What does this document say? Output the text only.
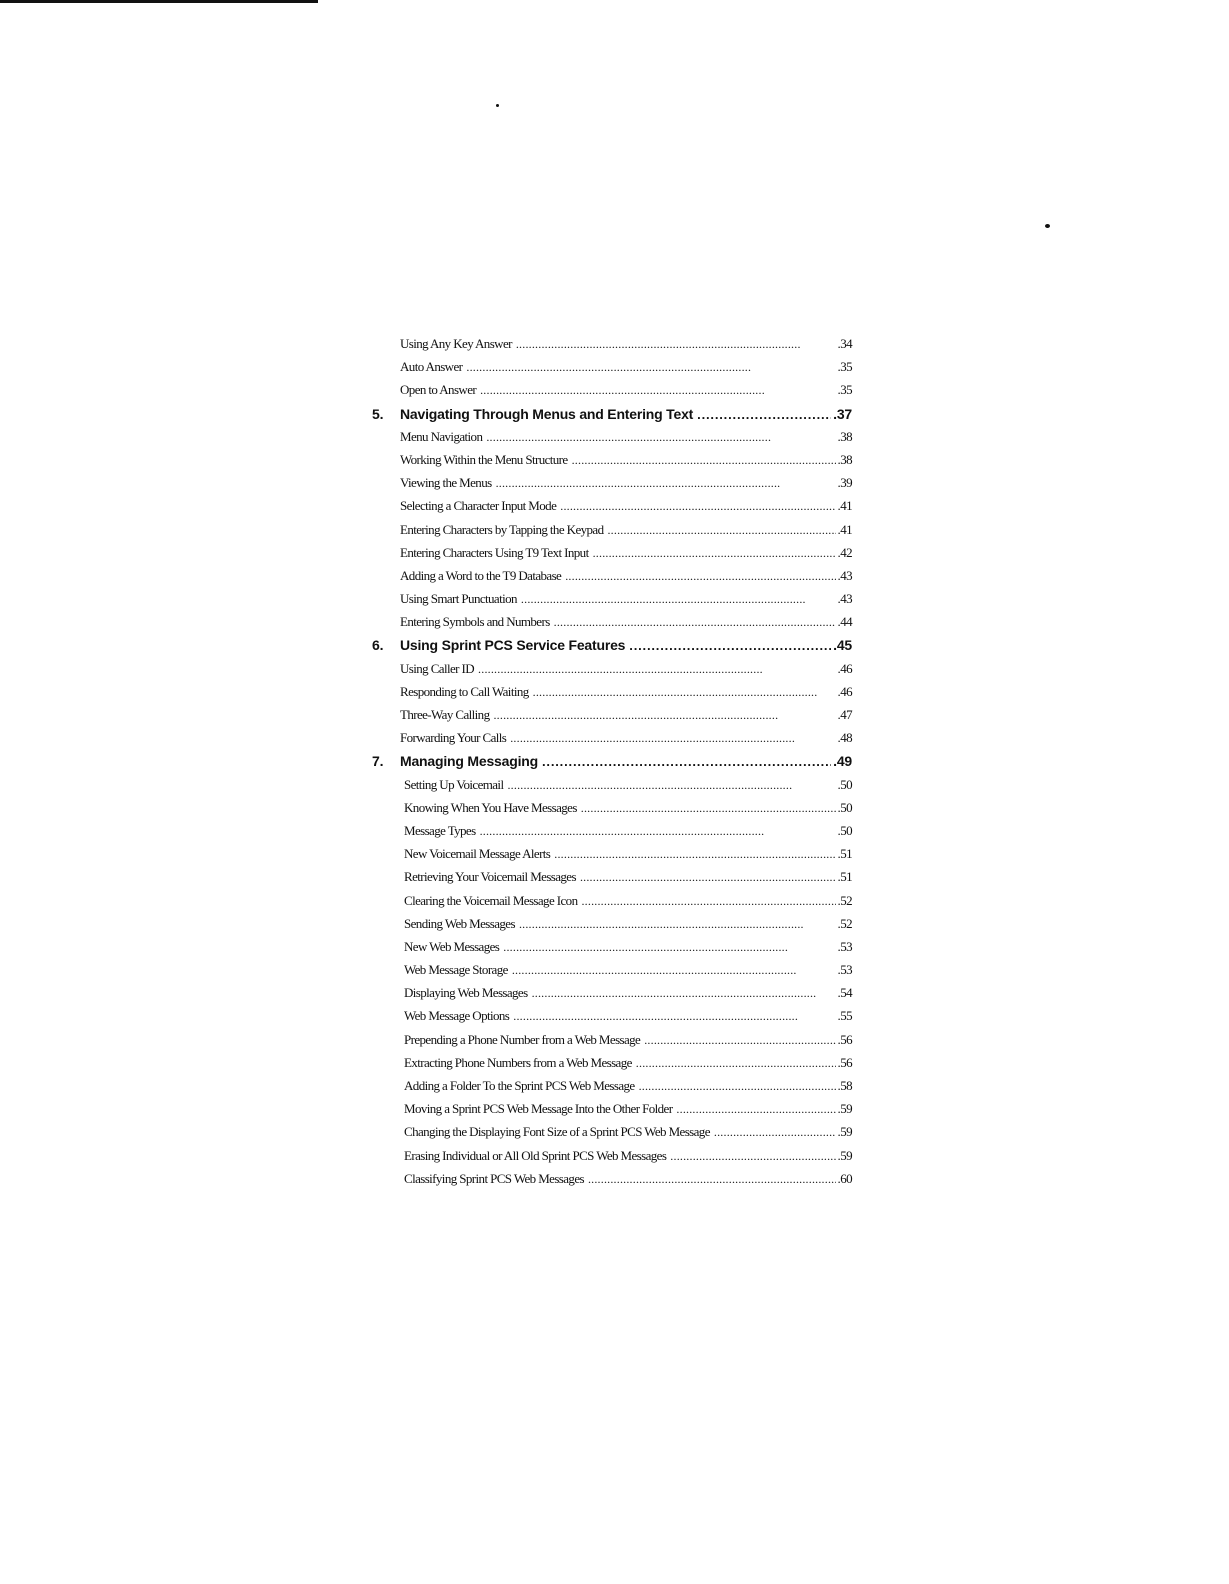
Using Any Key Answer . . .	.34
Auto Answer . . .	.35
Open to Answer . . .	.35
5.	Navigating Through Menus and Entering Text . . .	.37
Menu Navigation . . .	.38
Working Within the Menu Structure . . .	.38
Viewing the Menus . . .	.39
Selecting a Character Input Mode . . .	.41
Entering Characters by Tapping the Keypad . . .	.41
Entering Characters Using T9 Text Input . . .	.42
Adding a Word to the T9 Database . . .	.43
Using Smart Punctuation . . .	.43
Entering Symbols and Numbers . . .	.44
6.	Using Sprint PCS Service Features . . .	.45
Using Caller ID . . .	.46
Responding to Call Waiting . . .	.46
Three-Way Calling . . .	.47
Forwarding Your Calls . . .	.48
7.	Managing Messaging . . .	.49
Setting Up Voicemail . . .	.50
Knowing When You Have Messages . . .	.50
Message Types . . .	.50
New Voicemail Message Alerts . . .	.51
Retrieving Your Voicemail Messages . . .	.51
Clearing the Voicemail Message Icon . . .	.52
Sending Web Messages . . .	.52
New Web Messages . . .	.53
Web Message Storage . . .	.53
Displaying Web Messages . . .	.54
Web Message Options . . .	.55
Prepending a Phone Number from a Web Message . . .	.56
Extracting Phone Numbers from a Web Message . . .	.56
Adding a Folder To the Sprint PCS Web Message . . .	.58
Moving a Sprint PCS Web Message Into the Other Folder . . .	.59
Changing the Displaying Font Size of a Sprint PCS Web Message . . .	.59
Erasing Individual or All Old Sprint PCS Web Messages . . .	.59
Classifying Sprint PCS Web Messages . . .	.60
